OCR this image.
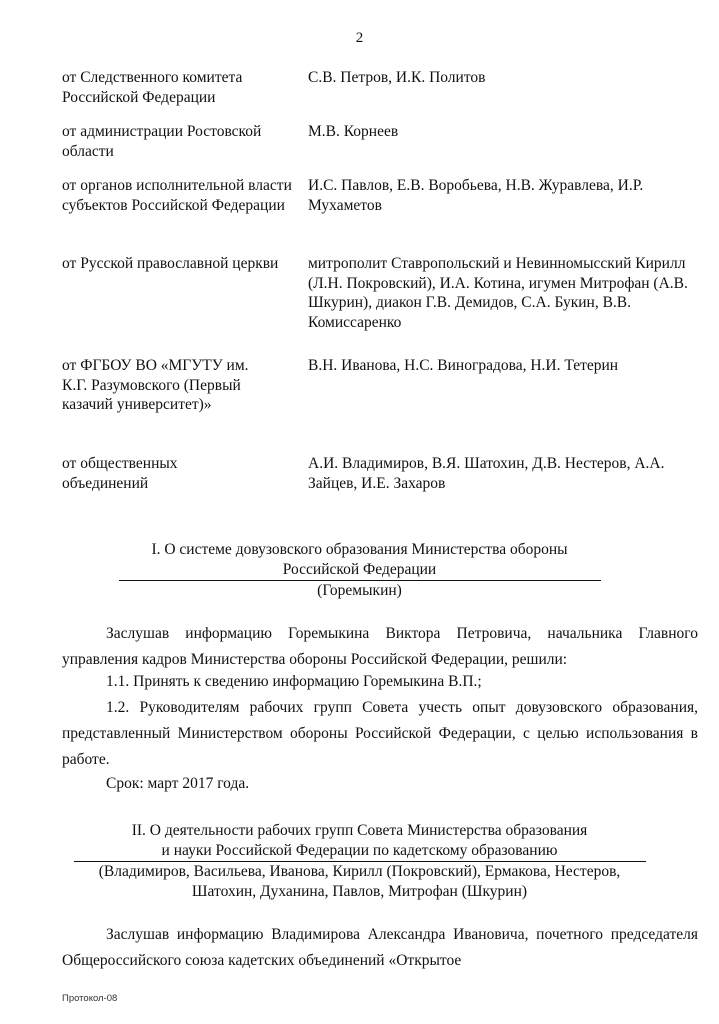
2
от Следственного комитета Российской Федерации
С.В. Петров, И.К. Политов
от администрации Ростовской области
М.В. Корнеев
от органов исполнительной власти субъектов Российской Федерации
И.С. Павлов, Е.В. Воробьева, Н.В. Журавлева, И.Р. Мухаметов
от Русской православной церкви	митрополит Ставропольский и Невинномысский Кирилл (Л.Н. Покровский), И.А. Котина, игумен Митрофан (А.В. Шкурин), диакон Г.В. Демидов, С.А. Букин, В.В. Комиссаренко
от ФГБОУ ВО «МГУТУ им. К.Г. Разумовского (Первый казачий университет)»
В.Н. Иванова, Н.С. Виноградова, Н.И. Тетерин
от общественных объединений
А.И. Владимиров, В.Я. Шатохин, Д.В. Нестеров, А.А. Зайцев, И.Е. Захаров
I. О системе довузовского образования Министерства обороны
Российской Федерации
(Горемыкин)
Заслушав информацию Горемыкина Виктора Петровича, начальника Главного управления кадров Министерства обороны Российской Федерации, решили:
1.1. Принять к сведению информацию Горемыкина В.П.;
1.2. Руководителям рабочих групп Совета учесть опыт довузовского образования, представленный Министерством обороны Российской Федерации, с целью использования в работе.
Срок: март 2017 года.
II. О деятельности рабочих групп Совета Министерства образования
и науки Российской Федерации по кадетскому образованию
(Владимиров, Васильева, Иванова, Кирилл (Покровский), Ермакова, Нестеров,
Шатохин, Духанина, Павлов, Митрофан (Шкурин)
Заслушав информацию Владимирова Александра Ивановича, почетного председателя Общероссийского союза кадетских объединений «Открытое
Протокол-08
